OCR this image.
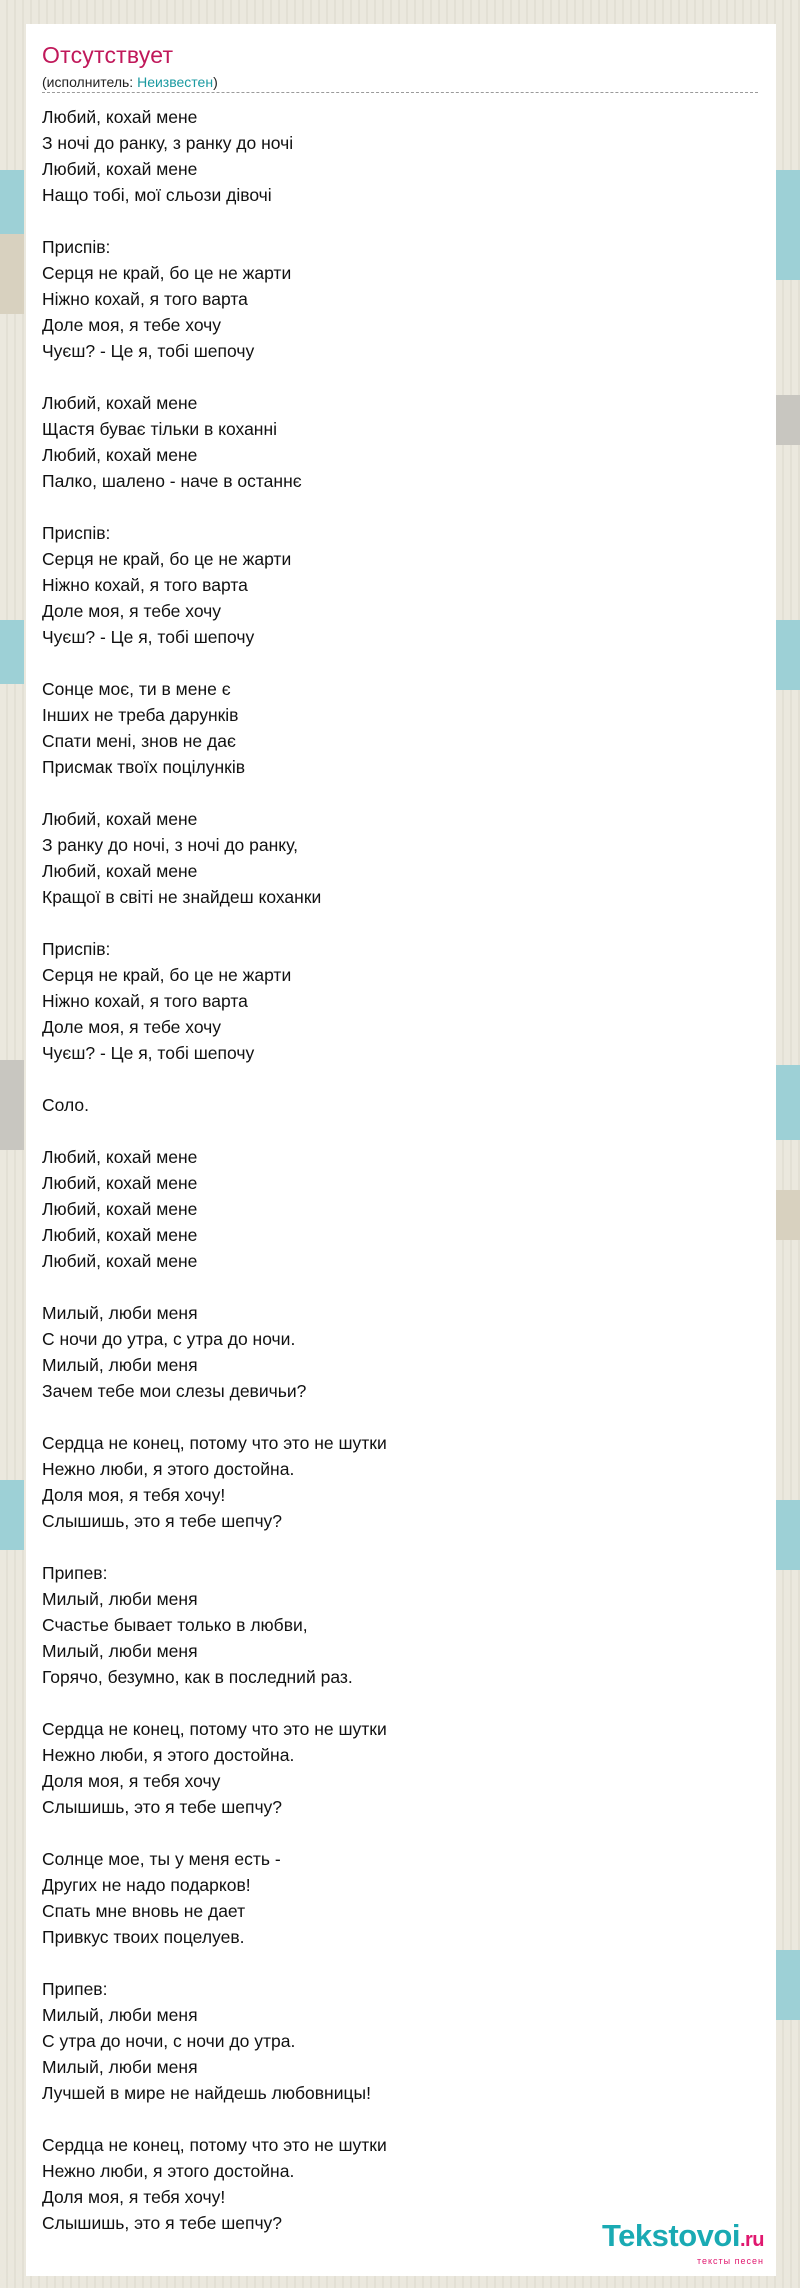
Отсутствует
(исполнитель: Неизвестен)
Любий, кохай мене
З ночі до ранку, з ранку до ночі
Любий, кохай мене
Нащо тобі, мої сльози дівочі
Приспів:
Серця не край, бо це не жарти
Ніжно кохай, я того варта
Доле моя, я тебе хочу
Чуєш? - Це я, тобі шепочу
Любий, кохай мене
Щастя буває тільки в коханні
Любий, кохай мене
Палко, шалено - наче в останнє
Приспів:
Серця не край, бо це не жарти
Ніжно кохай, я того варта
Доле моя, я тебе хочу
Чуєш? - Це я, тобі шепочу
Сонце моє, ти в мене є
Інших не треба дарунків
Спати мені, знов не дає
Присмак твоїх поцілунків
Любий, кохай мене
З ранку до ночі, з ночі до ранку,
Любий, кохай мене
Кращої в світі не знайдеш коханки
Приспів:
Серця не край, бо це не жарти
Ніжно кохай, я того варта
Доле моя, я тебе хочу
Чуєш? - Це я, тобі шепочу
Соло.
Любий, кохай мене
Любий, кохай мене
Любий, кохай мене
Любий, кохай мене
Любий, кохай мене
Милый, люби меня
С ночи до утра, с утра до ночи.
Милый, люби меня
Зачем тебе мои слезы девичьи?
Сердца не конец, потому что это не шутки
Нежно люби, я этого достойна.
Доля моя, я тебя хочу!
Слышишь, это я тебе шепчу?
Припев:
Милый, люби меня
Счастье бывает только в любви,
Милый, люби меня
Горячо, безумно, как в последний раз.
Сердца не конец, потому что это не шутки
Нежно люби, я этого достойна.
Доля моя, я тебя хочу
Слышишь, это я тебе шепчу?
Солнце мое, ты у меня есть -
Других не надо подарков!
Спать мне вновь не дает
Привкус твоих поцелуев.
Припев:
Милый, люби меня
С утра до ночи, с ночи до утра.
Милый, люби меня
Лучшей в мире не найдешь любовницы!
Сердца не конец, потому что это не шутки
Нежно люби, я этого достойна.
Доля моя, я тебя хочу!
Слышишь, это я тебе шепчу?	Tekstovoi.ru
тексты песен
